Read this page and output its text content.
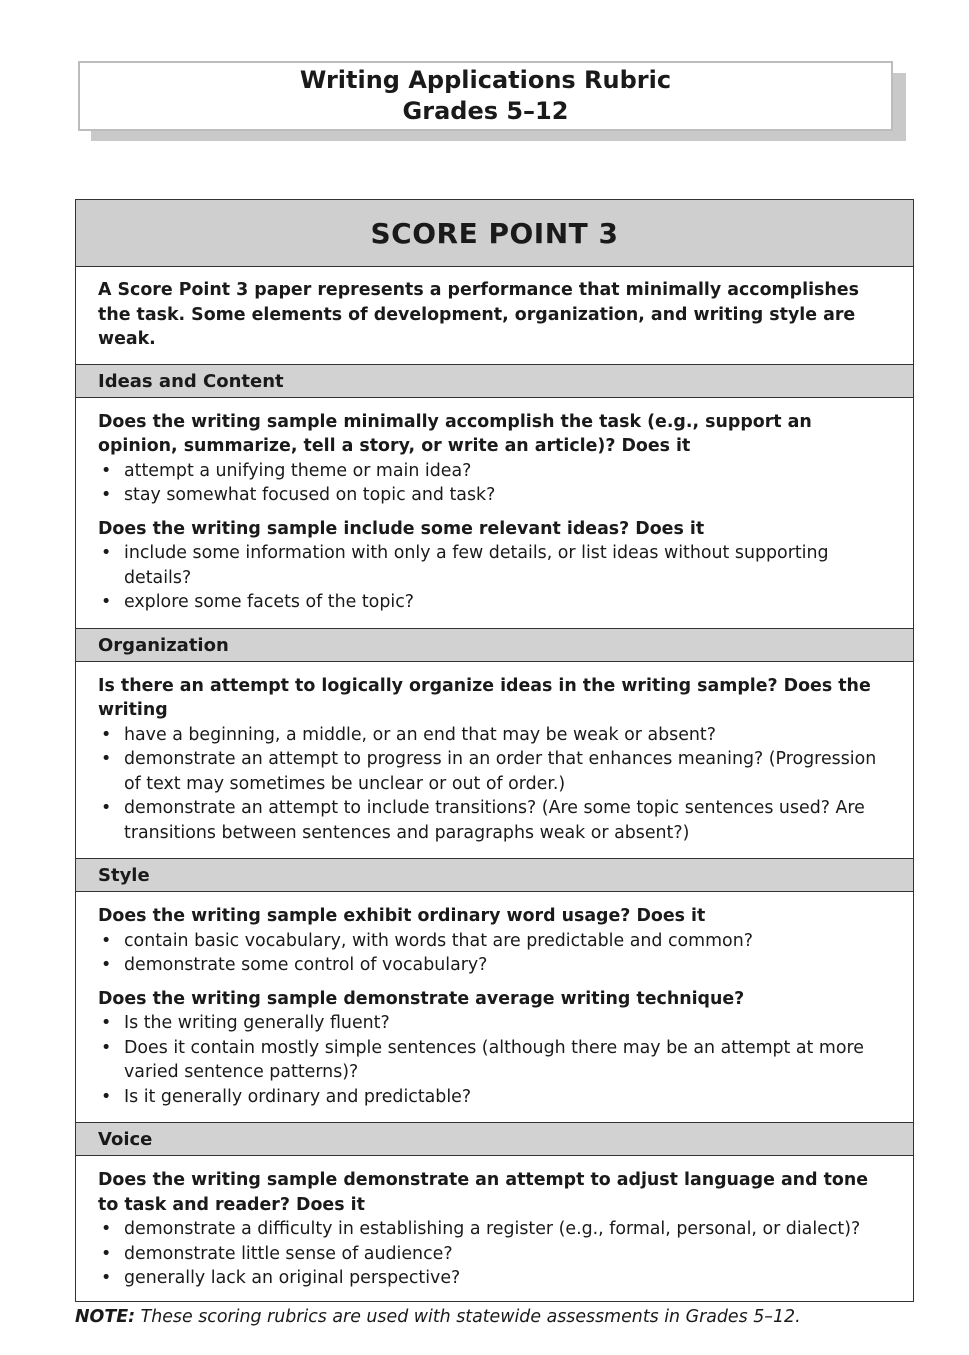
Writing Applications Rubric
Grades 5–12
SCORE POINT 3
A Score Point 3 paper represents a performance that minimally accomplishes the task. Some elements of development, organization, and writing style are weak.
Ideas and Content
Does the writing sample minimally accomplish the task (e.g., support an opinion, summarize, tell a story, or write an article)? Does it
• attempt a unifying theme or main idea?
• stay somewhat focused on topic and task?
Does the writing sample include some relevant ideas? Does it
• include some information with only a few details, or list ideas without supporting details?
• explore some facets of the topic?
Organization
Is there an attempt to logically organize ideas in the writing sample? Does the writing
• have a beginning, a middle, or an end that may be weak or absent?
• demonstrate an attempt to progress in an order that enhances meaning? (Progression of text may sometimes be unclear or out of order.)
• demonstrate an attempt to include transitions? (Are some topic sentences used? Are transitions between sentences and paragraphs weak or absent?)
Style
Does the writing sample exhibit ordinary word usage? Does it
• contain basic vocabulary, with words that are predictable and common?
• demonstrate some control of vocabulary?
Does the writing sample demonstrate average writing technique?
• Is the writing generally fluent?
• Does it contain mostly simple sentences (although there may be an attempt at more varied sentence patterns)?
• Is it generally ordinary and predictable?
Voice
Does the writing sample demonstrate an attempt to adjust language and tone to task and reader? Does it
• demonstrate a difficulty in establishing a register (e.g., formal, personal, or dialect)?
• demonstrate little sense of audience?
• generally lack an original perspective?
NOTE: These scoring rubrics are used with statewide assessments in Grades 5–12.
